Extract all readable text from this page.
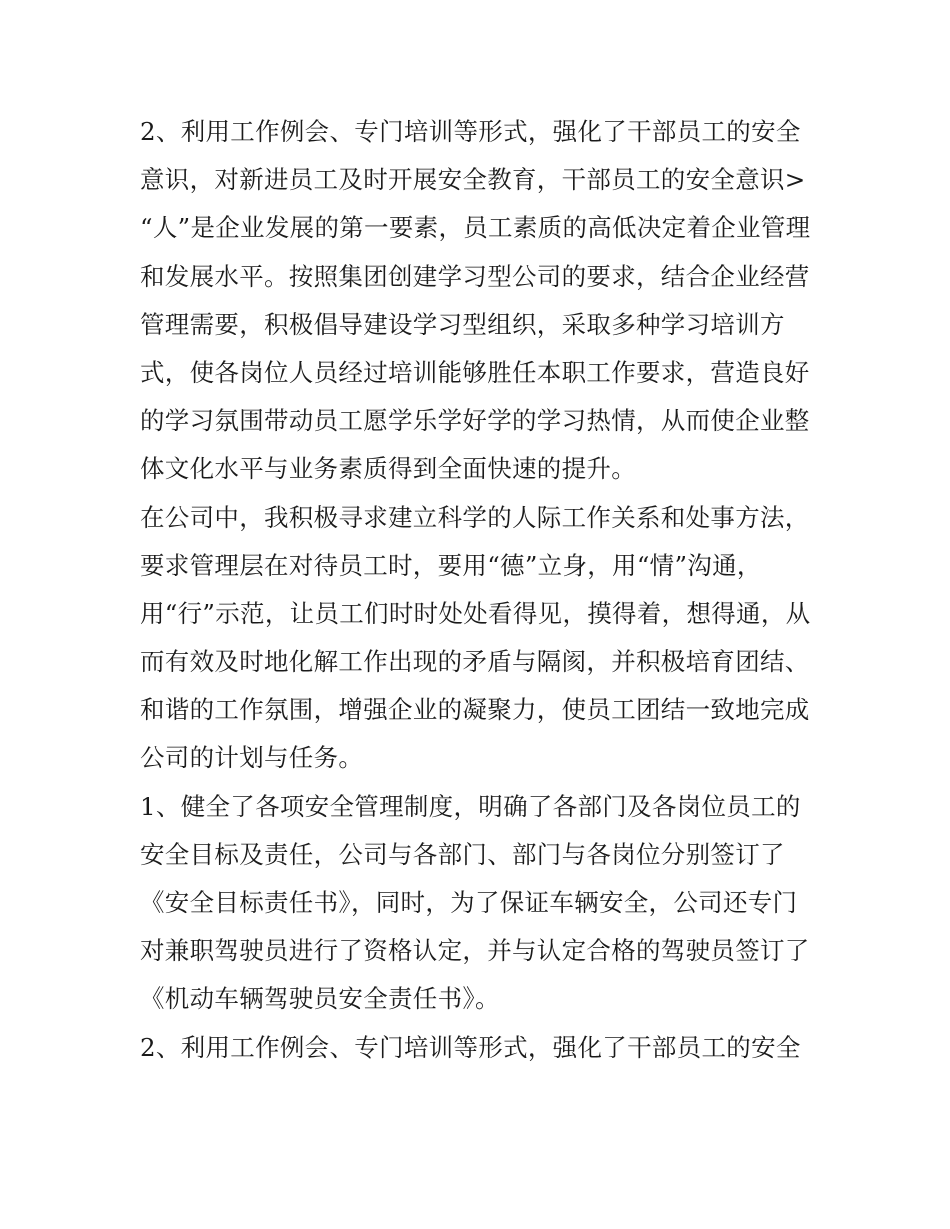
2、利用工作例会、专门培训等形式，强化了干部员工的安全
意识，对新进员工及时开展安全教育，干部员工的安全意识>
“人”是企业发展的第一要素，员工素质的高低决定着企业管理
和发展水平。按照集团创建学习型公司的要求，结合企业经营
管理需要，积极倡导建设学习型组织，采取多种学习培训方
式，使各岗位人员经过培训能够胜任本职工作要求，营造良好
的学习氛围带动员工愿学乐学好学的学习热情，从而使企业整
体文化水平与业务素质得到全面快速的提升。
在公司中，我积极寻求建立科学的人际工作关系和处事方法，
要求管理层在对待员工时，要用“德”立身，用“情”沟通，
用“行”示范，让员工们时时处处看得见，摸得着，想得通，从
而有效及时地化解工作出现的矛盾与隔阂，并积极培育团结、
和谐的工作氛围，增强企业的凝聚力，使员工团结一致地完成
公司的计划与任务。
1、健全了各项安全管理制度，明确了各部门及各岗位员工的
安全目标及责任，公司与各部门、部门与各岗位分别签订了
《安全目标责任书》，同时，为了保证车辆安全，公司还专门
对兼职驾驶员进行了资格认定，并与认定合格的驾驶员签订了
《机动车辆驾驶员安全责任书》。
2、利用工作例会、专门培训等形式，强化了干部员工的安全
